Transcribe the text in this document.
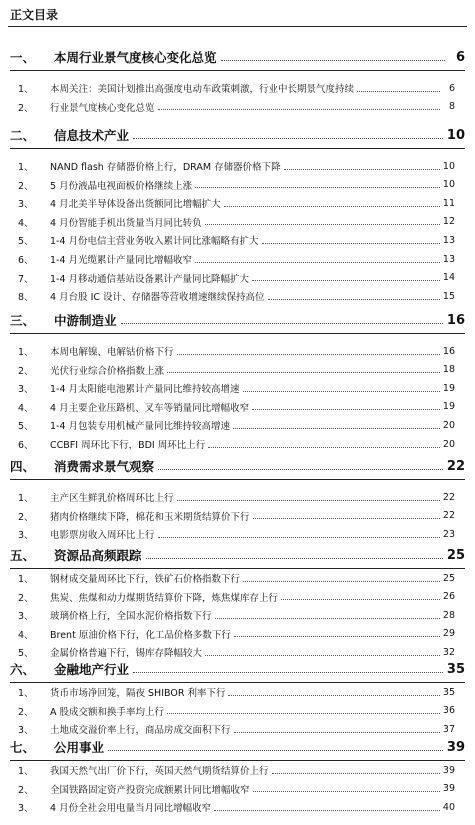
正文目录
一、	本周行业景气度核心变化总览	6
1、	本周关注：美国计划推出高强度电动车政策刺激，行业中长期景气度持续	6
2、	行业景气度核心变化总览	8
二、	信息技术产业	10
1、	NAND flash 存储器价格上行，DRAM 存储器价格下降	10
2、	5 月份液晶电视面板价格继续上涨	10
3、	4 月北美半导体设备出货额同比增幅扩大	11
4、	4 月份智能手机出货量当月同比转负	12
5、	1-4 月份电信主营业务收入累计同比涨幅略有扩大	13
6、	1-4 月光缆累计产量同比增幅收窄	13
7、	1-4 月移动通信基站设备累计产量同比降幅扩大	14
8、	4 月台股 IC 设计、存储器等营收增速继续保持高位	15
三、	中游制造业	16
1、	本周电解镍、电解钴价格下行	16
2、	光伏行业综合价格指数上涨	18
3、	1-4 月太阳能电池累计产量同比维持较高增速	19
4、	4 月主要企业压路机、叉车等销量同比增幅收窄	19
5、	1-4 月包装专用机械产量同比维持较高增速	20
6、	CCBFI 周环比下行，BDI 周环比上行	20
四、	消费需求景气观察	22
1、	主产区生鲜乳价格周环比上行	22
2、	猪肉价格继续下降，棉花和玉米期货结算价下行	22
3、	电影票房收入周环比上行	23
五、	资源品高频跟踪	25
1、	钢材成交量周环比下行，铁矿石价格指数下行	25
2、	焦炭、焦煤和动力煤期货结算价下降，炼焦煤库存上行	26
3、	玻璃价格上行，全国水泥价格指数下行	28
4、	Brent 原油价格下行，化工品价格多数下行	29
5、	金属价格普遍下行，锡库存降幅较大	32
六、	金融地产行业	35
1、	货币市场净回笼，隔夜 SHIBOR 利率下行	35
2、	A 股成交额和换手率均上行	36
3、	土地成交溢价率上行，商品房成交面积下行	37
七、	公用事业	39
1、	我国天然气出厂价下行，英国天然气期货结算价上行	39
2、	全国铁路固定资产投资完成额累计同比增幅收窄	39
3、	4 月份全社会用电量当月同比增幅收窄	40
